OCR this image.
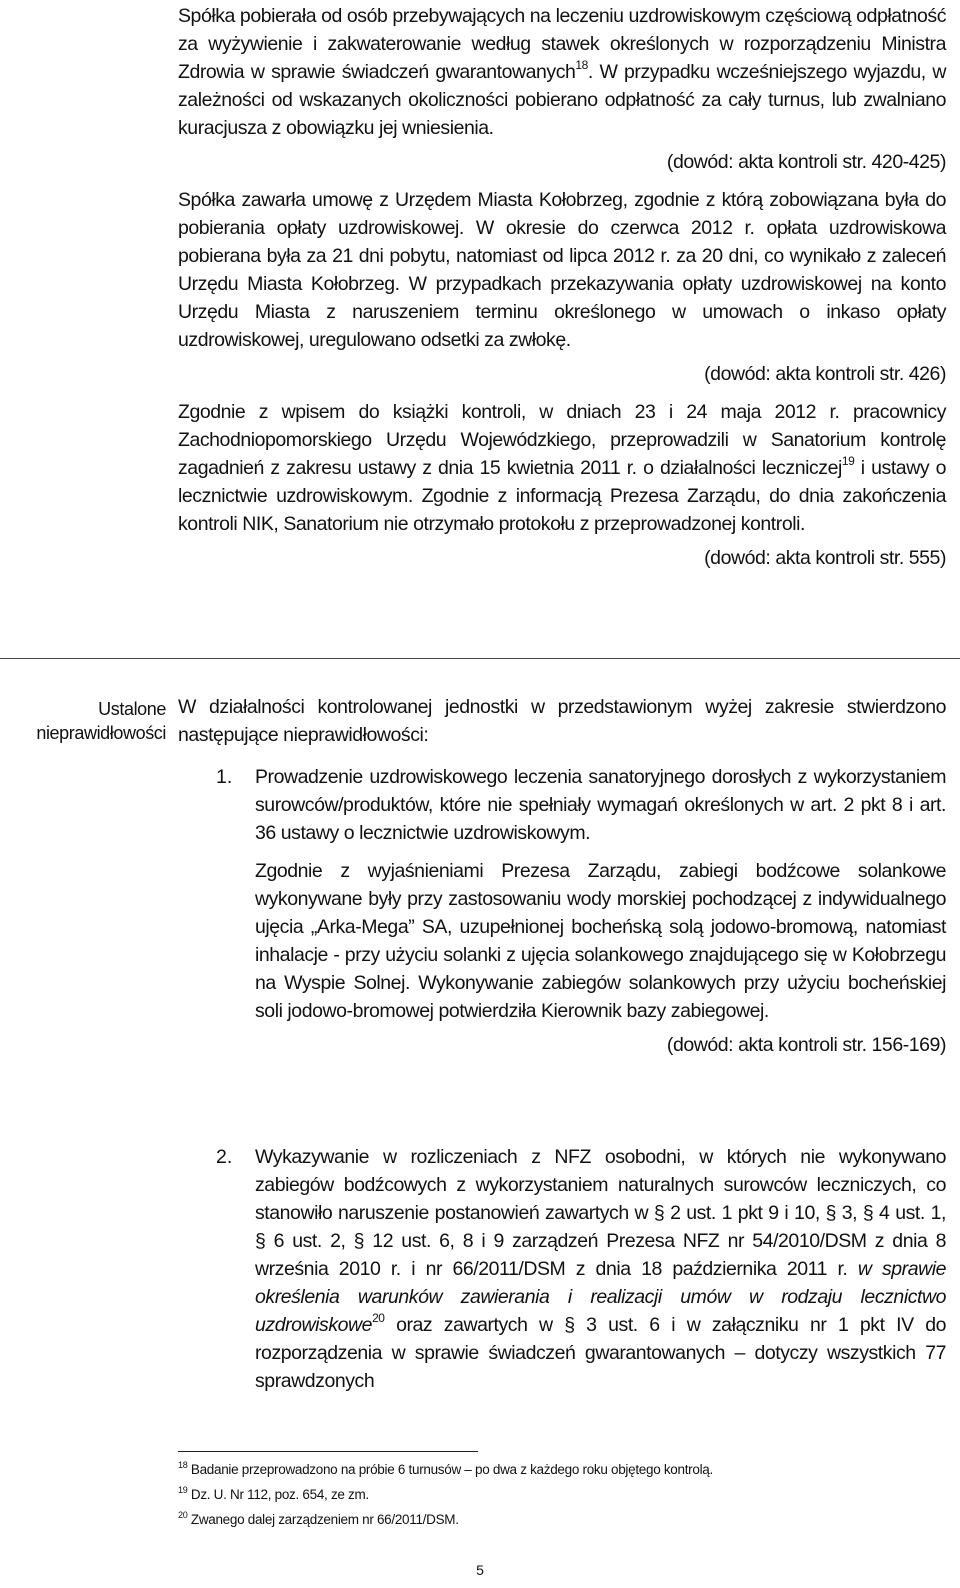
Spółka pobierała od osób przebywających na leczeniu uzdrowiskowym częściową odpłatność za wyżywienie i zakwaterowanie według stawek określonych w rozporządzeniu Ministra Zdrowia w sprawie świadczeń gwarantowanych$^{18}$. W przypadku wcześniejszego wyjazdu, w zależności od wskazanych okoliczności pobierano odpłatność za cały turnus, lub zwalniano kuracjusza z obowiązku jej wniesienia.

(dowód: akta kontroli str. 420-425)

Spółka zawarła umowę z Urzędem Miasta Kołobrzeg, zgodnie z którą zobowiązana była do pobierania opłaty uzdrowiskowej. W okresie do czerwca 2012 r. opłata uzdrowiskowa pobierana była za 21 dni pobytu, natomiast od lipca 2012 r. za 20 dni, co wynikało z zaleceń Urzędu Miasta Kołobrzeg. W przypadkach przekazywania opłaty uzdrowiskowej na konto Urzędu Miasta z naruszeniem terminu określonego w umowach o inkaso opłaty uzdrowiskowej, uregulowano odsetki za zwłokę.

(dowód: akta kontroli str. 426)

Zgodnie z wpisem do książki kontroli, w dniach 23 i 24 maja 2012 r. pracownicy Zachodniopomorskiego Urzędu Wojewódzkiego, przeprowadzili w Sanatorium kontrolę zagadnień z zakresu ustawy z dnia 15 kwietnia 2011 r. o działalności leczniczej$^{19}$ i ustawy o lecznictwie uzdrowiskowym. Zgodnie z informacją Prezesa Zarządu, do dnia zakończenia kontroli NIK, Sanatorium nie otrzymało protokołu z przeprowadzonej kontroli.

(dowód: akta kontroli str. 555)

Ustalone
nieprawidłowości

W działalności kontrolowanej jednostki w przedstawionym wyżej zakresie stwierdzono następujące nieprawidłowości:

1. Prowadzenie uzdrowiskowego leczenia sanatoryjnego dorosłych z wykorzystaniem surowców/produktów, które nie spełniały wymagań określonych w art. 2 pkt 8 i art. 36 ustawy o lecznictwie uzdrowiskowym.

Zgodnie z wyjaśnieniami Prezesa Zarządu, zabiegi bodźcowe solankowe wykonywane były przy zastosowaniu wody morskiej pochodzącej z indywidualnego ujęcia „Arka-Mega” SA, uzupełnionej bocheńską solą jodowo-bromową, natomiast inhalacje - przy użyciu solanki z ujęcia solankowego znajdującego się w Kołobrzegu na Wyspie Solnej. Wykonywanie zabiegów solankowych przy użyciu bocheńskiej soli jodowo-bromowej potwierdziła Kierownik bazy zabiegowej.

(dowód: akta kontroli str. 156-169)

2. Wykazywanie w rozliczeniach z NFZ osobodni, w których nie wykonywano zabiegów bodźcowych z wykorzystaniem naturalnych surowców leczniczych, co stanowiło naruszenie postanowień zawartych w § 2 ust. 1 pkt 9 i 10, § 3, § 4 ust. 1, § 6 ust. 2, § 12 ust. 6, 8 i 9 zarządzeń Prezesa NFZ nr 54/2010/DSM z dnia 8 września 2010 r. i nr 66/2011/DSM z dnia 18 października 2011 r. w sprawie określenia warunków zawierania i realizacji umów w rodzaju lecznictwo uzdrowiskowe$^{20}$ oraz zawartych w § 3 ust. 6 i w załączniku nr 1 pkt IV do rozporządzenia w sprawie świadczeń gwarantowanych – dotyczy wszystkich 77 sprawdzonych

$^{18}$ Badanie przeprowadzono na próbie 6 turnusów – po dwa z każdego roku objętego kontrolą.
$^{19}$ Dz. U. Nr 112, poz. 654, ze zm.
$^{20}$ Zwanego dalej zarządzeniem nr 66/2011/DSM.
5
